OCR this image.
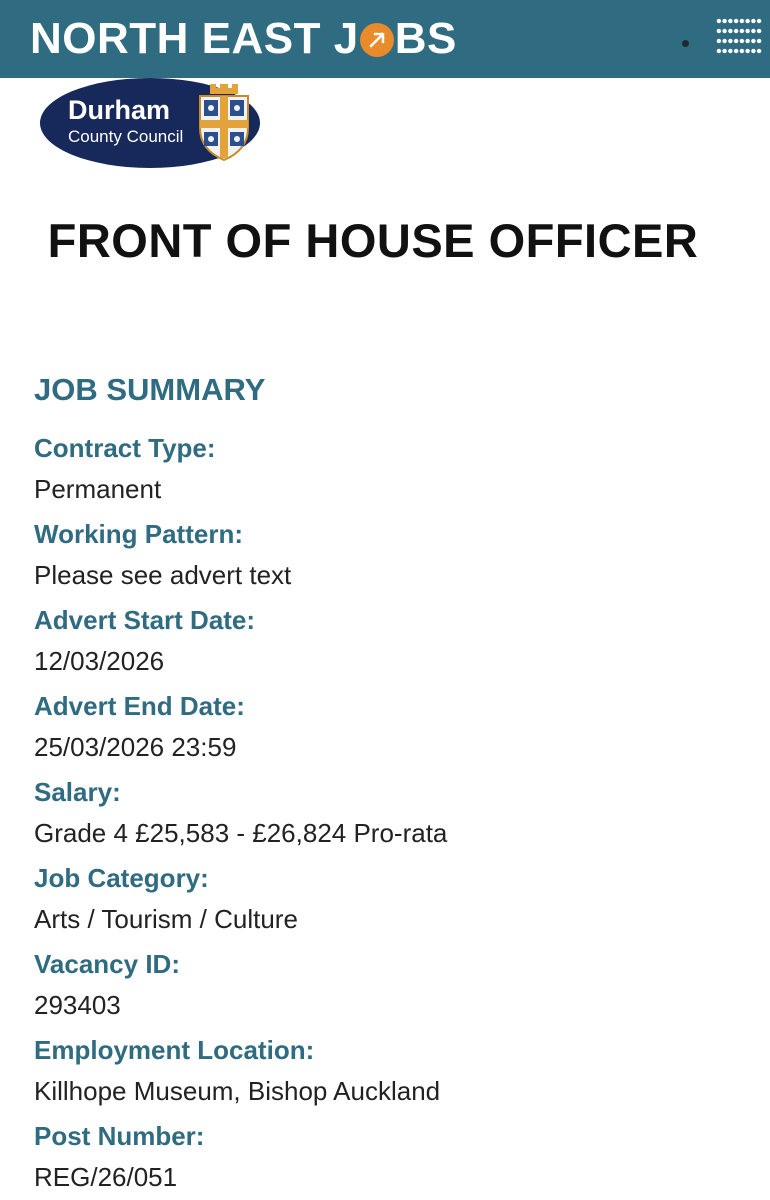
NORTH EAST J BS
Durham
County Council
FRONT OF HOUSE OFFICER
JOB SUMMARY
Contract Type:
Permanent
Working Pattern:
Please see advert text
Advert Start Date:
12/03/2026
Advert End Date:
25/03/2026 23:59
Salary:
Grade 4 £25,583 - £26,824 Pro-rata
Job Category:
Arts / Tourism / Culture
Vacancy ID:
293403
Employment Location:
Killhope Museum, Bishop Auckland
Post Number:
REG/26/051
